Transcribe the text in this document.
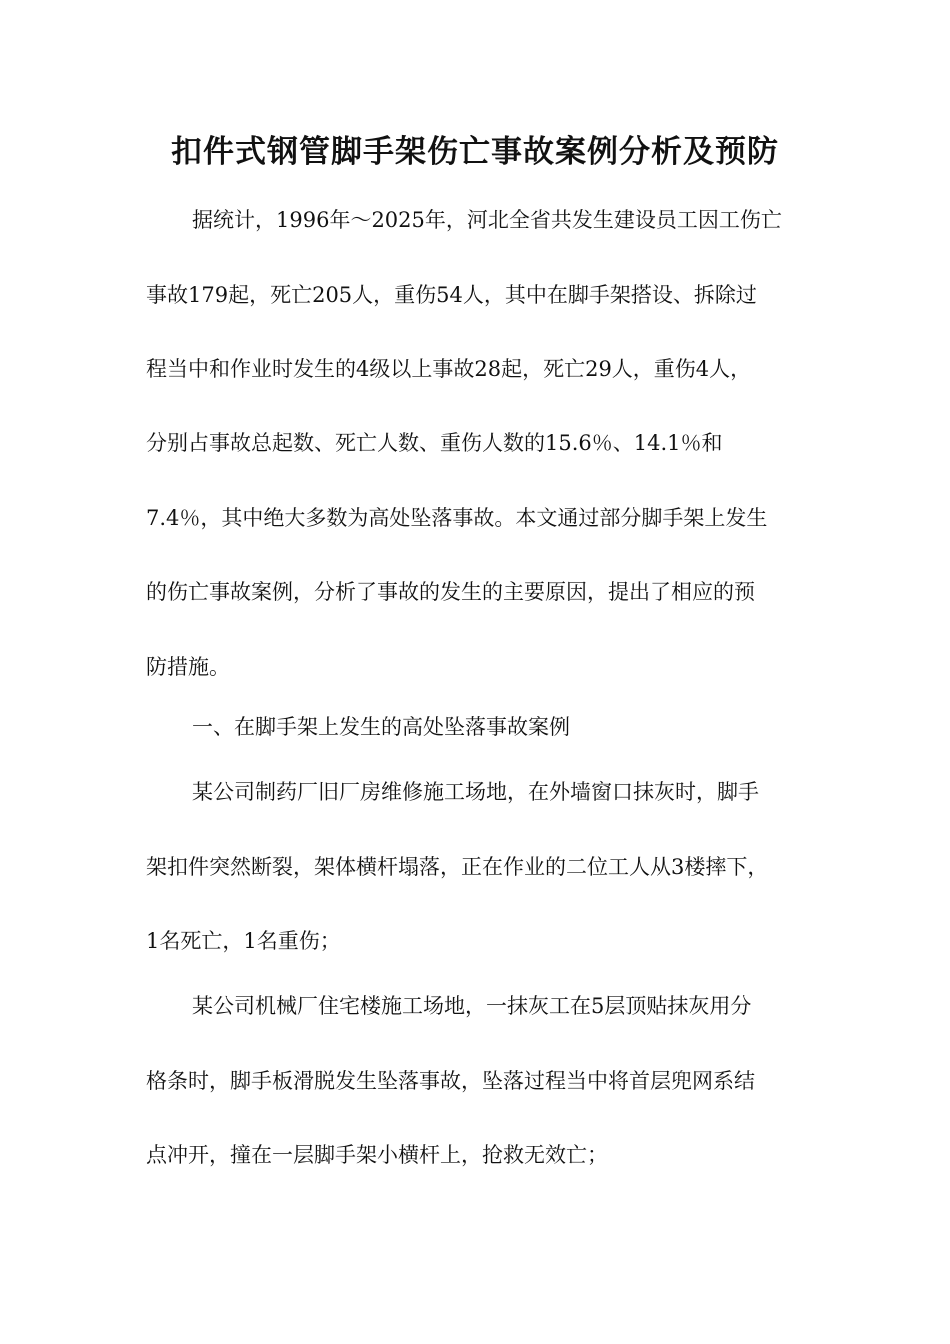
扣件式钢管脚手架伤亡事故案例分析及预防
据统计，1996年～2025年，河北全省共发生建设员工因工伤亡
事故179起，死亡205人，重伤54人，其中在脚手架搭设、拆除过
程当中和作业时发生的4级以上事故28起，死亡29人，重伤4人，
分别占事故总起数、死亡人数、重伤人数的15.6％、14.1％和
7.4％，其中绝大多数为高处坠落事故。本文通过部分脚手架上发生
的伤亡事故案例，分析了事故的发生的主要原因，提出了相应的预
防措施。
一、在脚手架上发生的高处坠落事故案例
某公司制药厂旧厂房维修施工场地，在外墙窗口抹灰时，脚手
架扣件突然断裂，架体横杆塌落，正在作业的二位工人从3楼摔下，
1名死亡，1名重伤；
某公司机械厂住宅楼施工场地，一抹灰工在5层顶贴抹灰用分
格条时，脚手板滑脱发生坠落事故，坠落过程当中将首层兜网系结
点冲开，撞在一层脚手架小横杆上，抢救无效亡；
